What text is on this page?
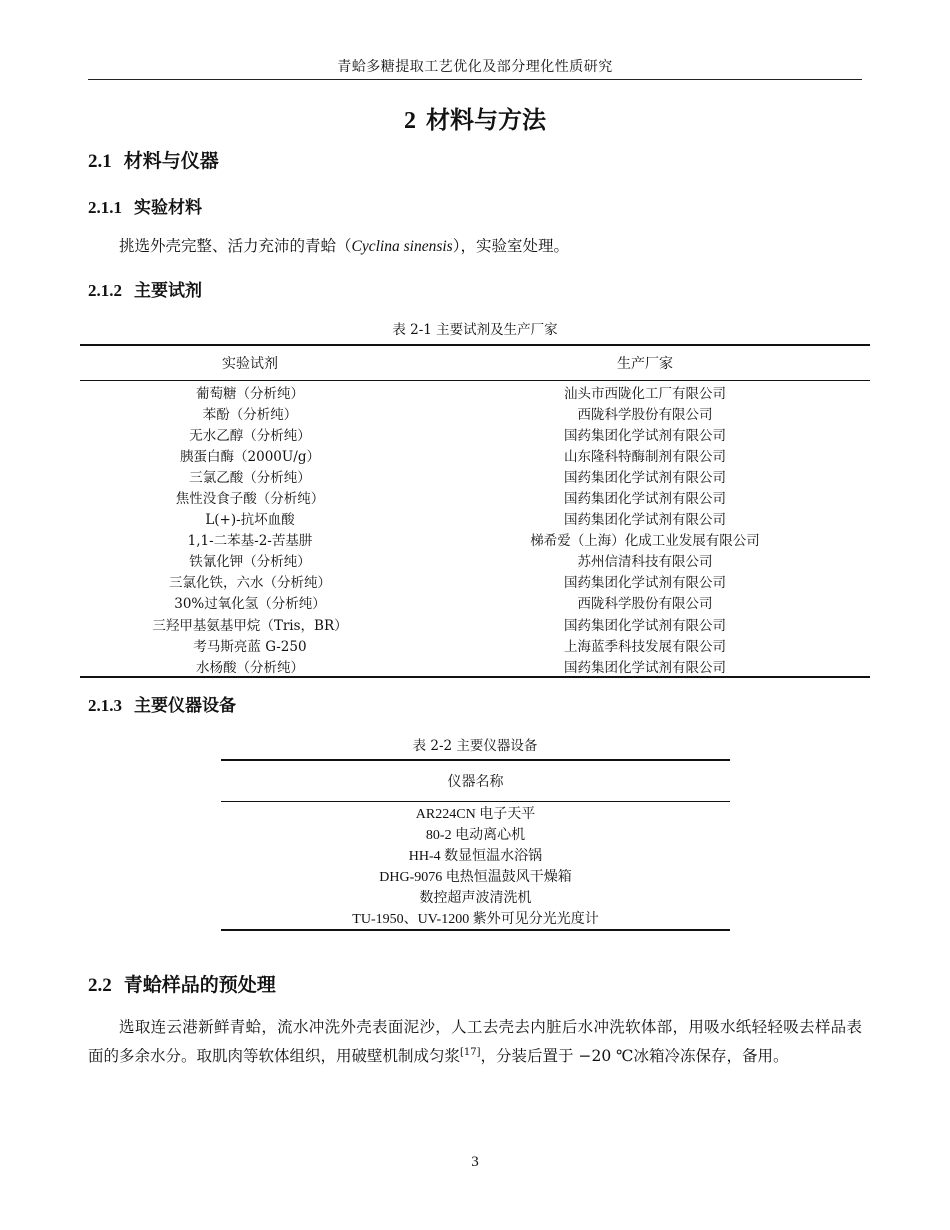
青蛤多糖提取工艺优化及部分理化性质研究
2 材料与方法
2.1 材料与仪器
2.1.1 实验材料
挑选外壳完整、活力充沛的青蛤（Cyclina sinensis），实验室处理。
2.1.2 主要试剂
表 2-1 主要试剂及生产厂家
实验试剂	生产厂家
葡萄糖（分析纯）	汕头市西陇化工厂有限公司
苯酚（分析纯）	西陇科学股份有限公司
无水乙醇（分析纯）	国药集团化学试剂有限公司
胰蛋白酶（2000U/g）	山东隆科特酶制剂有限公司
三氯乙酸（分析纯）	国药集团化学试剂有限公司
焦性没食子酸（分析纯）	国药集团化学试剂有限公司
L(+)-抗坏血酸	国药集团化学试剂有限公司
1,1-二苯基-2-苦基肼	梯希爱（上海）化成工业发展有限公司
铁氰化钾（分析纯）	苏州信清科技有限公司
三氯化铁，六水（分析纯）	国药集团化学试剂有限公司
30%过氧化氢（分析纯）	西陇科学股份有限公司
三羟甲基氨基甲烷（Tris，BR）	国药集团化学试剂有限公司
考马斯亮蓝 G-250	上海蓝季科技发展有限公司
水杨酸（分析纯）	国药集团化学试剂有限公司
2.1.3 主要仪器设备
表 2-2 主要仪器设备
仪器名称
AR224CN 电子天平
80-2 电动离心机
HH-4 数显恒温水浴锅
DHG-9076 电热恒温鼓风干燥箱
数控超声波清洗机
TU-1950、UV-1200 紫外可见分光光度计
2.2 青蛤样品的预处理
选取连云港新鲜青蛤，流水冲洗外壳表面泥沙，人工去壳去内脏后水冲洗软体部，用吸水纸轻轻吸去样品表面的多余水分。取肌肉等软体组织，用破壁机制成匀浆[17]，分装后置于 −20 ℃冰箱冷冻保存，备用。
3
